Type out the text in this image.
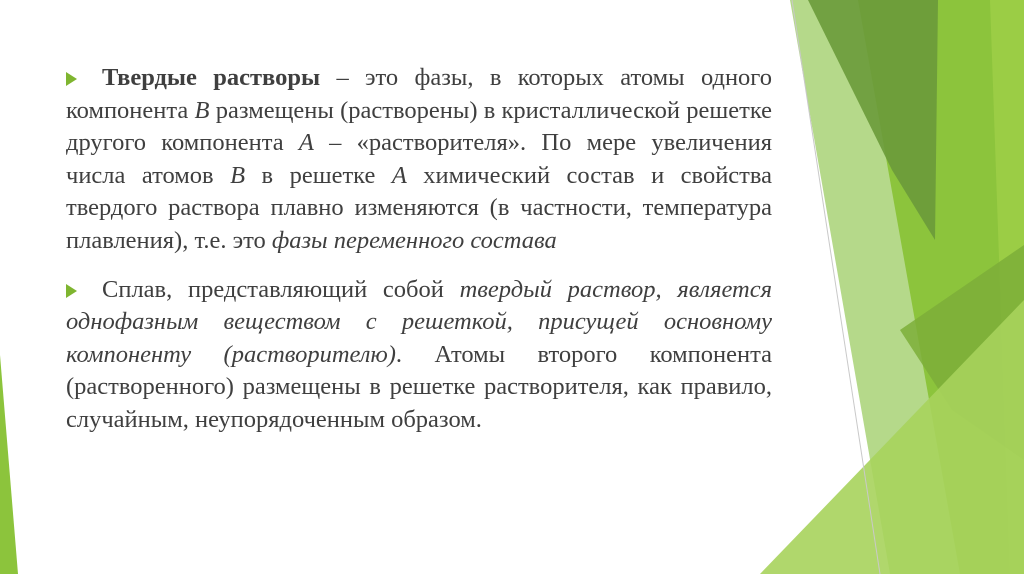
Твердые растворы – это фазы, в которых атомы одного компонента В размещены (растворены) в кристаллической решетке другого компонента А – «растворителя». По мере увеличения числа атомов В в решетке А химический состав и свойства твердого раствора плавно изменяются (в частности, температура плавления), т.е. это фазы переменного состава
Сплав, представляющий собой твердый раствор, является однофазным веществом с решеткой, присущей основному компоненту (растворителю). Атомы второго компонента (растворенного) размещены в решетке растворителя, как правило, случайным, неупорядоченным образом.
